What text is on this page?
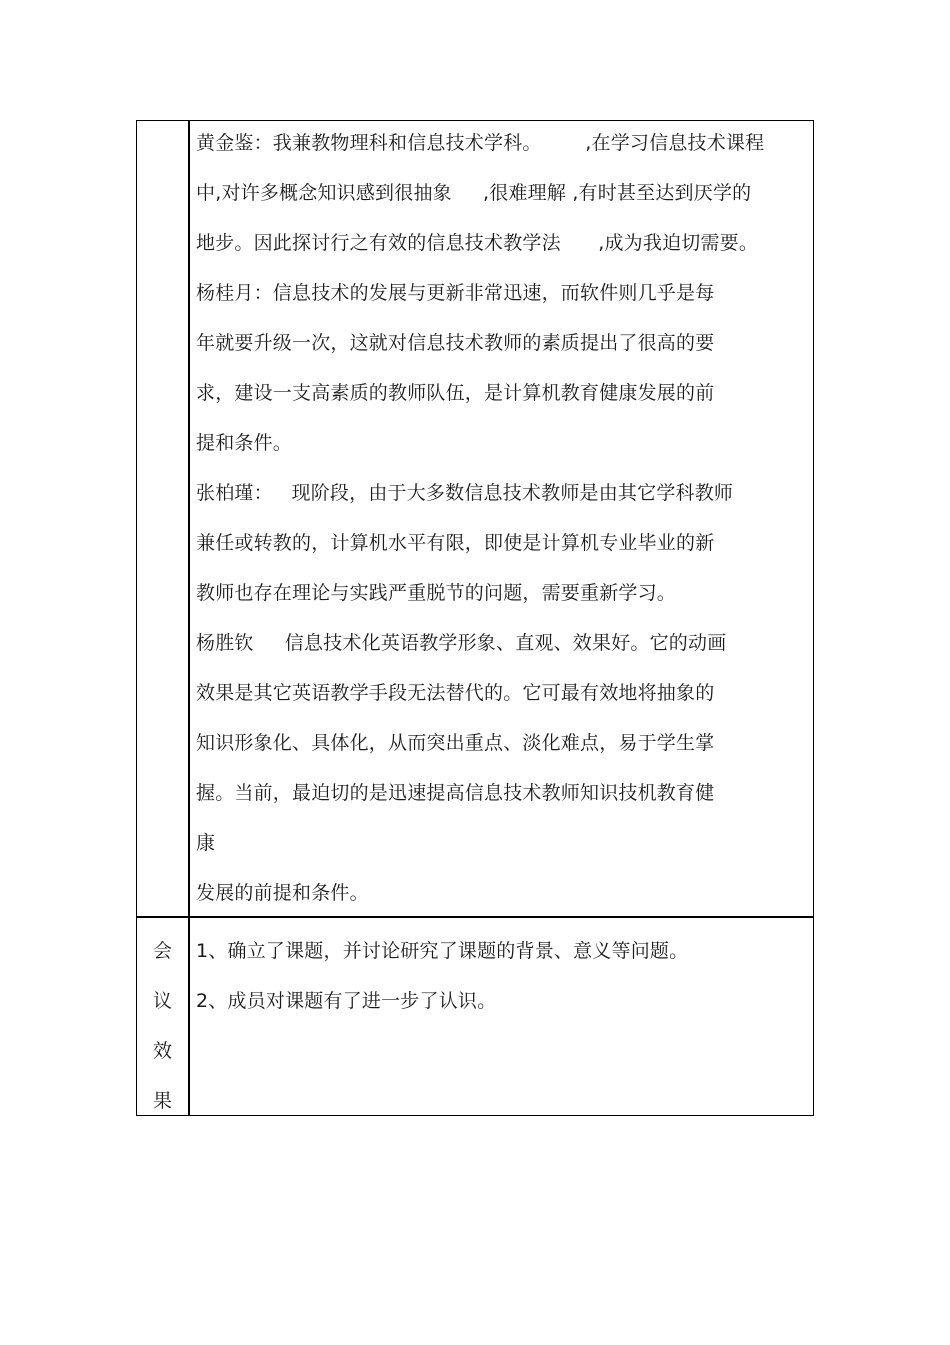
黄金鉴：我兼教物理科和信息技术学科。       ,在学习信息技术课程
中,对许多概念知识感到很抽象     ,很难理解 ,有时甚至达到厌学的
地步。因此探讨行之有效的信息技术教学法      ,成为我迫切需要。
杨桂月：信息技术的发展与更新非常迅速，而软件则几乎是每
年就要升级一次，这就对信息技术教师的素质提出了很高的要
求，建设一支高素质的教师队伍，是计算机教育健康发展的前
提和条件。
张柏瑾：   现阶段，由于大多数信息技术教师是由其它学科教师
兼任或转教的，计算机水平有限，即使是计算机专业毕业的新
教师也存在理论与实践严重脱节的问题，需要重新学习。
杨胜钦     信息技术化英语教学形象、直观、效果好。它的动画
效果是其它英语教学手段无法替代的。它可最有效地将抽象的
知识形象化、具体化，从而突出重点、淡化难点，易于学生掌
握。当前，最迫切的是迅速提高信息技术教师知识技机教育健
康
发展的前提和条件。
会
议
效
果
1、确立了课题，并讨论研究了课题的背景、意义等问题。
2、成员对课题有了进一步了认识。
